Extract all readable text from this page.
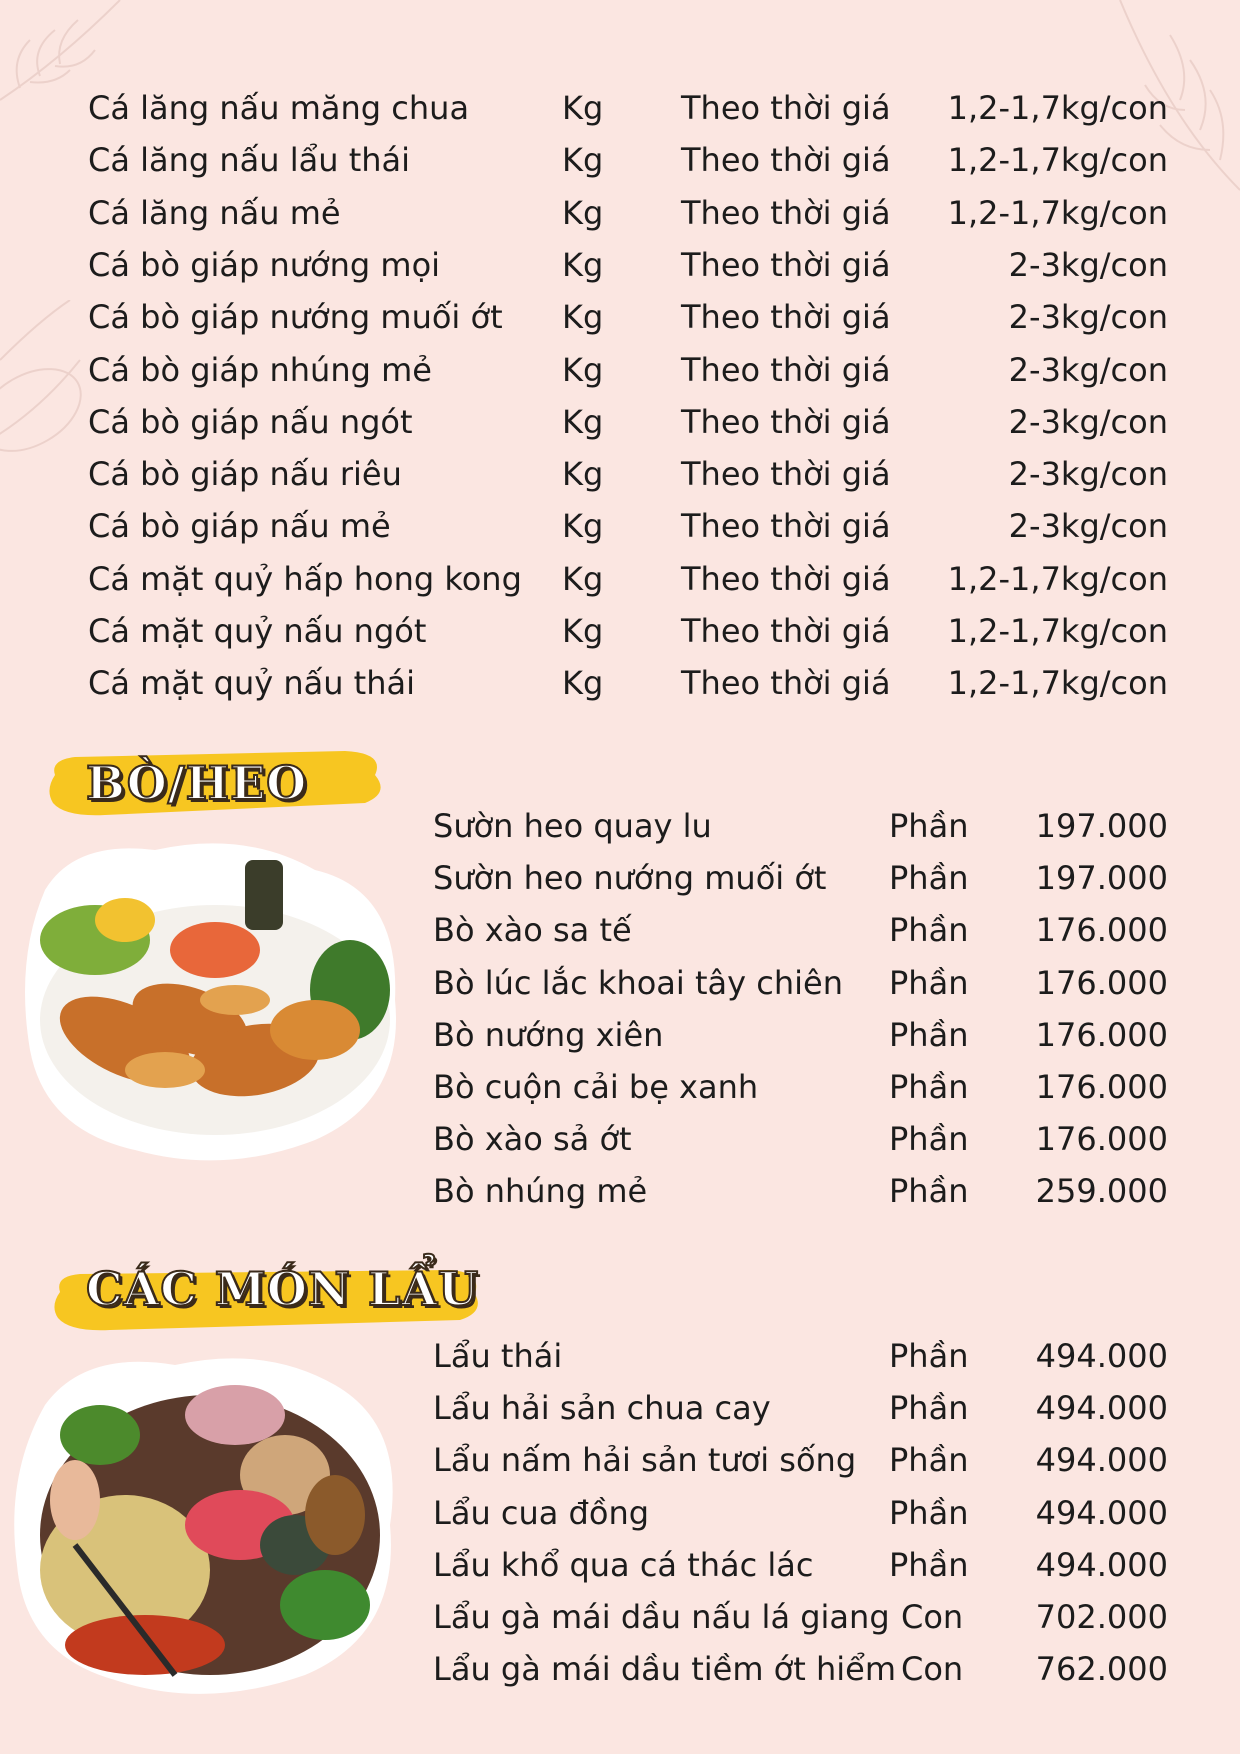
Cá lăng nấu măng chua	Kg Theo thời giá 1,2-1,7kg/con
Cá lăng nấu lẩu thái	Kg Theo thời giá 1,2-1,7kg/con
Cá lăng nấu mẻ	Kg Theo thời giá 1,2-1,7kg/con
Cá bò giáp nướng mọi	Kg Theo thời giá	2-3kg/con
Cá bò giáp nướng muối ớt Kg Theo thời giá	2-3kg/con
Cá bò giáp nhúng mẻ	Kg Theo thời giá	2-3kg/con
Cá bò giáp nấu ngót	Kg Theo thời giá	2-3kg/con
Cá bò giáp nấu riêu	Kg Theo thời giá	2-3kg/con
Cá bò giáp nấu mẻ	Kg Theo thời giá	2-3kg/con
Cá mặt quỷ hấp hong kong Kg Theo thời giá 1,2-1,7kg/con
Cá mặt quỷ nấu ngót	Kg Theo thời giá 1,2-1,7kg/con
Cá mặt quỷ nấu thái	Kg Theo thời giá 1,2-1,7kg/con
BÒ/HEO
Sườn heo quay lu	Phần 197.000
Sườn heo nướng muối ớt Phần 197.000
Bò xào sa tế	Phần 176.000
Bò lúc lắc khoai tây chiên Phần 176.000
Bò nướng xiên	Phần 176.000
Bò cuộn cải bẹ xanh	Phần 176.000
Bò xào sả ớt	Phần 176.000
Bò nhúng mẻ	Phần 259.000
CÁC MÓN LẨU
Lẩu thái	Phần 494.000
Lẩu hải sản chua cay	Phần 494.000
Lẩu nấm hải sản tươi sống Phần 494.000
Lẩu cua đồng	Phần 494.000
Lẩu khổ qua cá thác lác Phần 494.000
Lẩu gà mái dầu nấu lá giang Con 702.000
Lẩu gà mái dầu tiềm ớt hiểm Con 762.000
